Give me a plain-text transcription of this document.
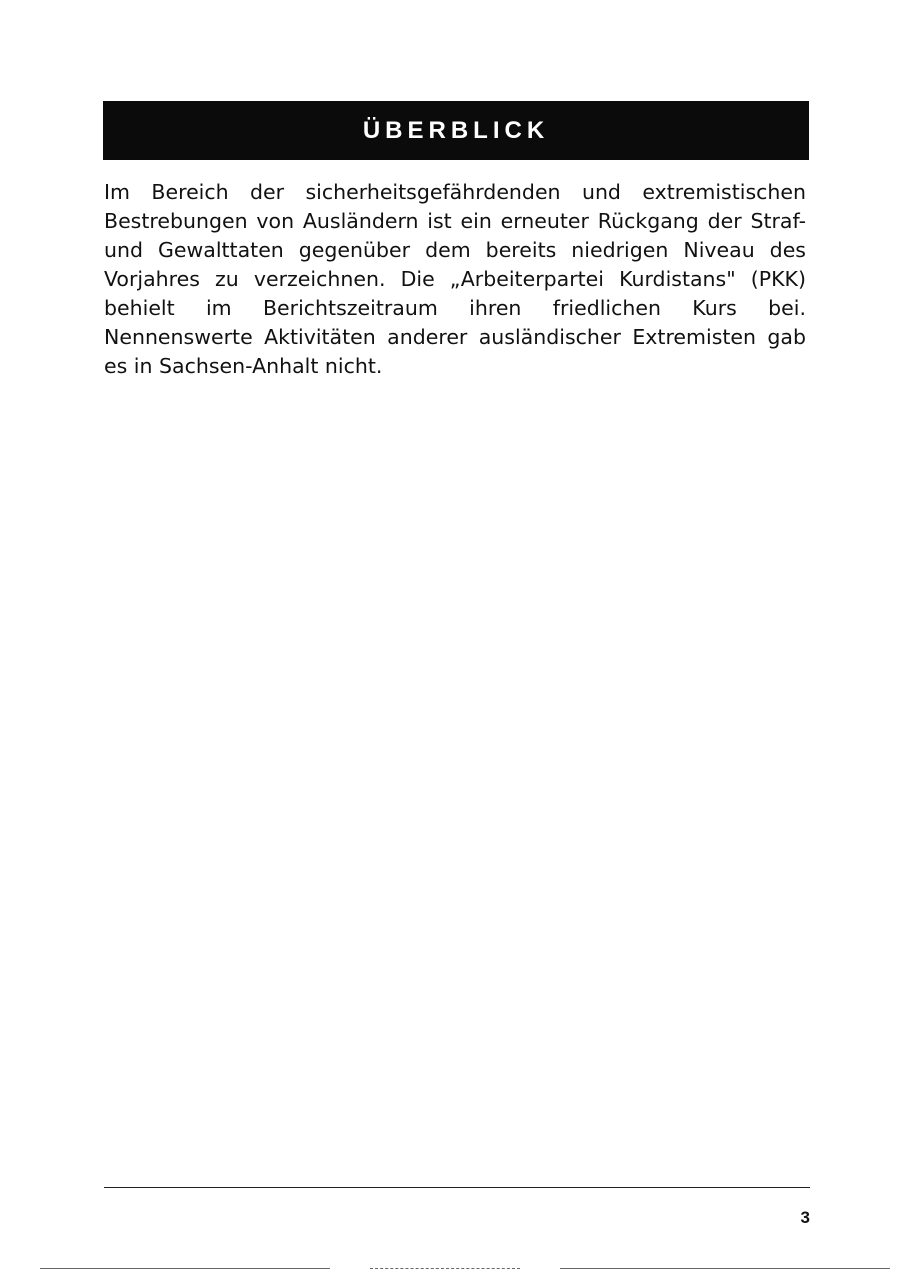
ÜBERBLICK

Im Bereich der sicherheitsgefährdenden und extremistischen Bestrebungen von Ausländern ist ein erneuter Rückgang der Straf- und Gewalttaten gegenüber dem bereits niedrigen Niveau des Vorjahres zu verzeichnen. Die „Arbeiterpartei Kurdistans" (PKK) behielt im Berichtszeitraum ihren friedlichen Kurs bei. Nennenswerte Aktivitäten anderer ausländischer Extremisten gab es in Sachsen-Anhalt nicht.

3
